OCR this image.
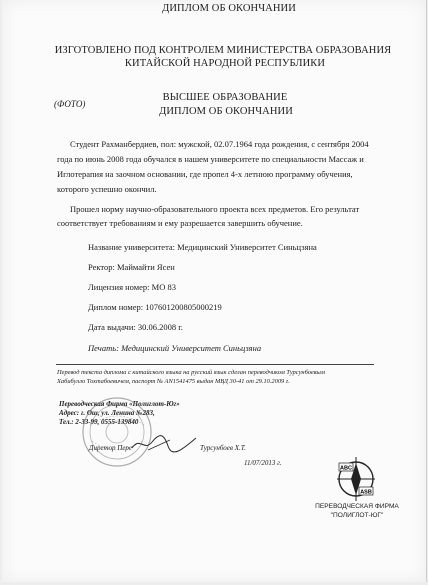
ДИПЛОМ ОБ ОКОНЧАНИИ
ИЗГОТОВЛЕНО ПОД КОНТРОЛЕМ МИНИСТЕРСТВА ОБРАЗОВАНИЯ
КИТАЙСКОЙ НАРОДНОЙ РЕСПУБЛИКИ
(ФОТО)
ВЫСШЕЕ ОБРАЗОВАНИЕ
ДИПЛОМ ОБ ОКОНЧАНИИ
Студент Рахманбердиев, пол: мужской, 02.07.1964 года рождения, с сентября 2004
года по июнь 2008 года обучался в нашем университете по специальности Массаж и
Иглотерапия на заочном основании, где пропел 4-х летнюю программу обучения,
которого успешно окончил.
Прошел норму научно-образовательного проекта всех предметов. Его результат
соответствует требованиям и ему разрешается завершить обучение.
Название университета: Медицинский Университет Синьцзяна
Ректор: Маймайти Ясен
Лицензия номер: МО 83
Диплом номер: 107601200805000219
Дата выдачи: 30.06.2008 г.
Печать: Медицинский Университет Синьцзяна
Перевод текста диплома с китайского языка на русский язык сделан переводчиком Турсунбоевым
Хабибулло Тохтабоевичем, паспорт № АN1541475 выдан МВД 30-41 от 29.10.2009 г.
Переводческая Фирма «Полиглот-Юг»
Адрес: г. Ош, ул. Ленина №283,
Тел.: 2-33-99, 0555-139840
Диретор Пере	Турсунбоев Х.Т.
11/07/2013 г.
ABC
ASB
ПЕРЕВОДЧЕСКАЯ ФИРМА
"ПОЛИГЛОТ-ЮГ"
